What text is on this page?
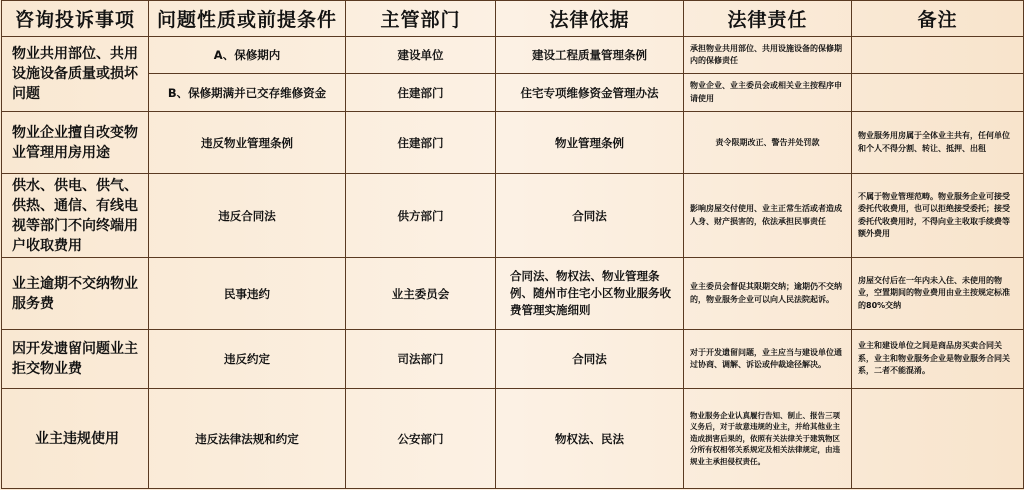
咨询投诉事项	问题性质或前提条件	主管部门	法律依据	法律责任	备注
物业共用部位、共用设施设备质量或损坏问题	A、保修期内	建设单位	建设工程质量管理条例	承担物业共用部位、共用设施设备的保修期内的保修责任	
	B、保修期满并已交存维修资金	住建部门	住宅专项维修资金管理办法	物业企业、业主委员会或相关业主按程序申请使用	
物业企业擅自改变物业管理用房用途	违反物业管理条例	住建部门	物业管理条例	责令限期改正、警告并处罚款	物业服务用房属于全体业主共有，任何单位和个人不得分割、转让、抵押、出租
供水、供电、供气、供热、通信、有线电视等部门不向终端用户收取费用	违反合同法	供方部门	合同法	影响房屋交付使用、业主正常生活或者造成人身、财产损害的，依法承担民事责任	不属于物业管理范畴。物业服务企业可接受委托代收费用，也可以拒绝接受委托；接受委托代收费用时，不得向业主收取手续费等额外费用
业主逾期不交纳物业服务费	民事违约	业主委员会	合同法、物权法、物业管理条例、随州市住宅小区物业服务收费管理实施细则	业主委员会督促其限期交纳；逾期仍不交纳的，物业服务企业可以向人民法院起诉。	房屋交付后在一年内未入住、未使用的物业，空置期间的物业费用由业主按规定标准的80%交纳
因开发遗留问题业主拒交物业费	违反约定	司法部门	合同法	对于开发遗留问题，业主应当与建设单位通过协商、调解、诉讼或仲裁途径解决。	业主和建设单位之间是商品房买卖合同关系，业主和物业服务企业是物业服务合同关系，二者不能混淆。
业主违规使用	违反法律法规和约定	公安部门	物权法、民法	物业服务企业认真履行告知、制止、报告三项义务后，对于故意违规的业主，并给其他业主造成损害后果的，依照有关法律关于建筑物区分所有权相邻关系规定及相关法律规定，由违规业主承担侵权责任。	
